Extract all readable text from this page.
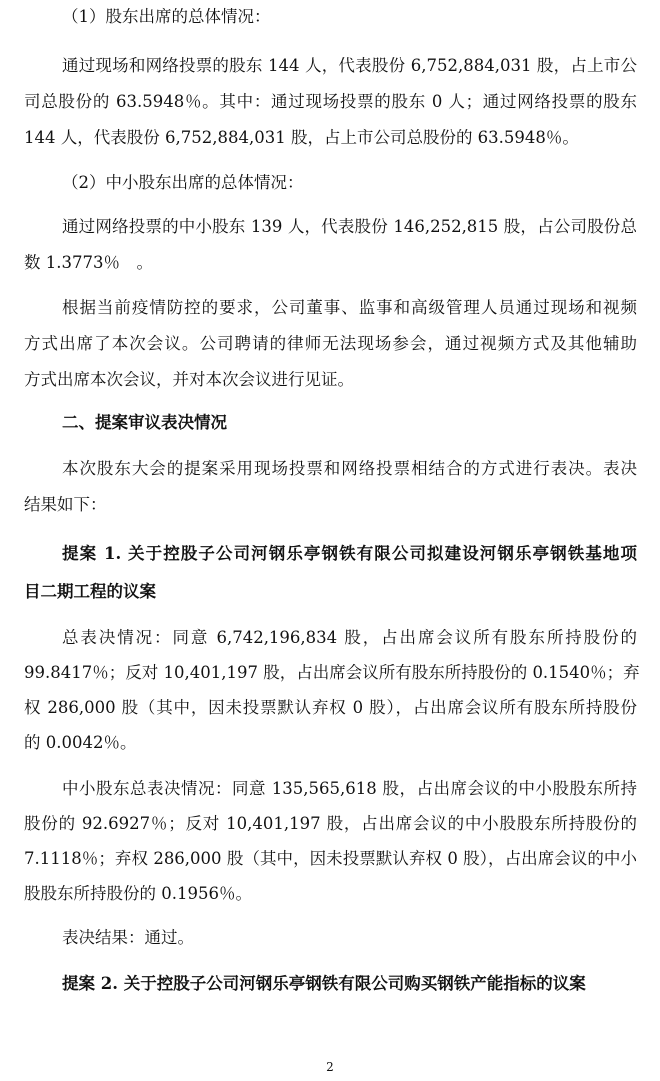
（1）股东出席的总体情况：
通过现场和网络投票的股东 144 人，代表股份 6,752,884,031 股，占上市公
司总股份的 63.5948％。其中：通过现场投票的股东 0 人；通过网络投票的股东
144 人，代表股份 6,752,884,031 股，占上市公司总股份的 63.5948％。
（2）中小股东出席的总体情况：
通过网络投票的中小股东 139 人，代表股份 146,252,815 股，占公司股份总
数 1.3773％　。
根据当前疫情防控的要求，公司董事、监事和高级管理人员通过现场和视频
方式出席了本次会议。公司聘请的律师无法现场参会，通过视频方式及其他辅助
方式出席本次会议，并对本次会议进行见证。
二、提案审议表决情况
本次股东大会的提案采用现场投票和网络投票相结合的方式进行表决。表决
结果如下：
提案 1. 关于控股子公司河钢乐亭钢铁有限公司拟建设河钢乐亭钢铁基地项
目二期工程的议案
总表决情况：同意 6,742,196,834 股，占出席会议所有股东所持股份的
99.8417％；反对 10,401,197 股，占出席会议所有股东所持股份的 0.1540％；弃
权 286,000 股（其中，因未投票默认弃权 0 股），占出席会议所有股东所持股份
的 0.0042％。
中小股东总表决情况：同意 135,565,618 股，占出席会议的中小股股东所持
股份的 92.6927％；反对 10,401,197 股，占出席会议的中小股股东所持股份的
7.1118％；弃权 286,000 股（其中，因未投票默认弃权 0 股），占出席会议的中小
股股东所持股份的 0.1956％。
表决结果：通过。
提案 2. 关于控股子公司河钢乐亭钢铁有限公司购买钢铁产能指标的议案
2
